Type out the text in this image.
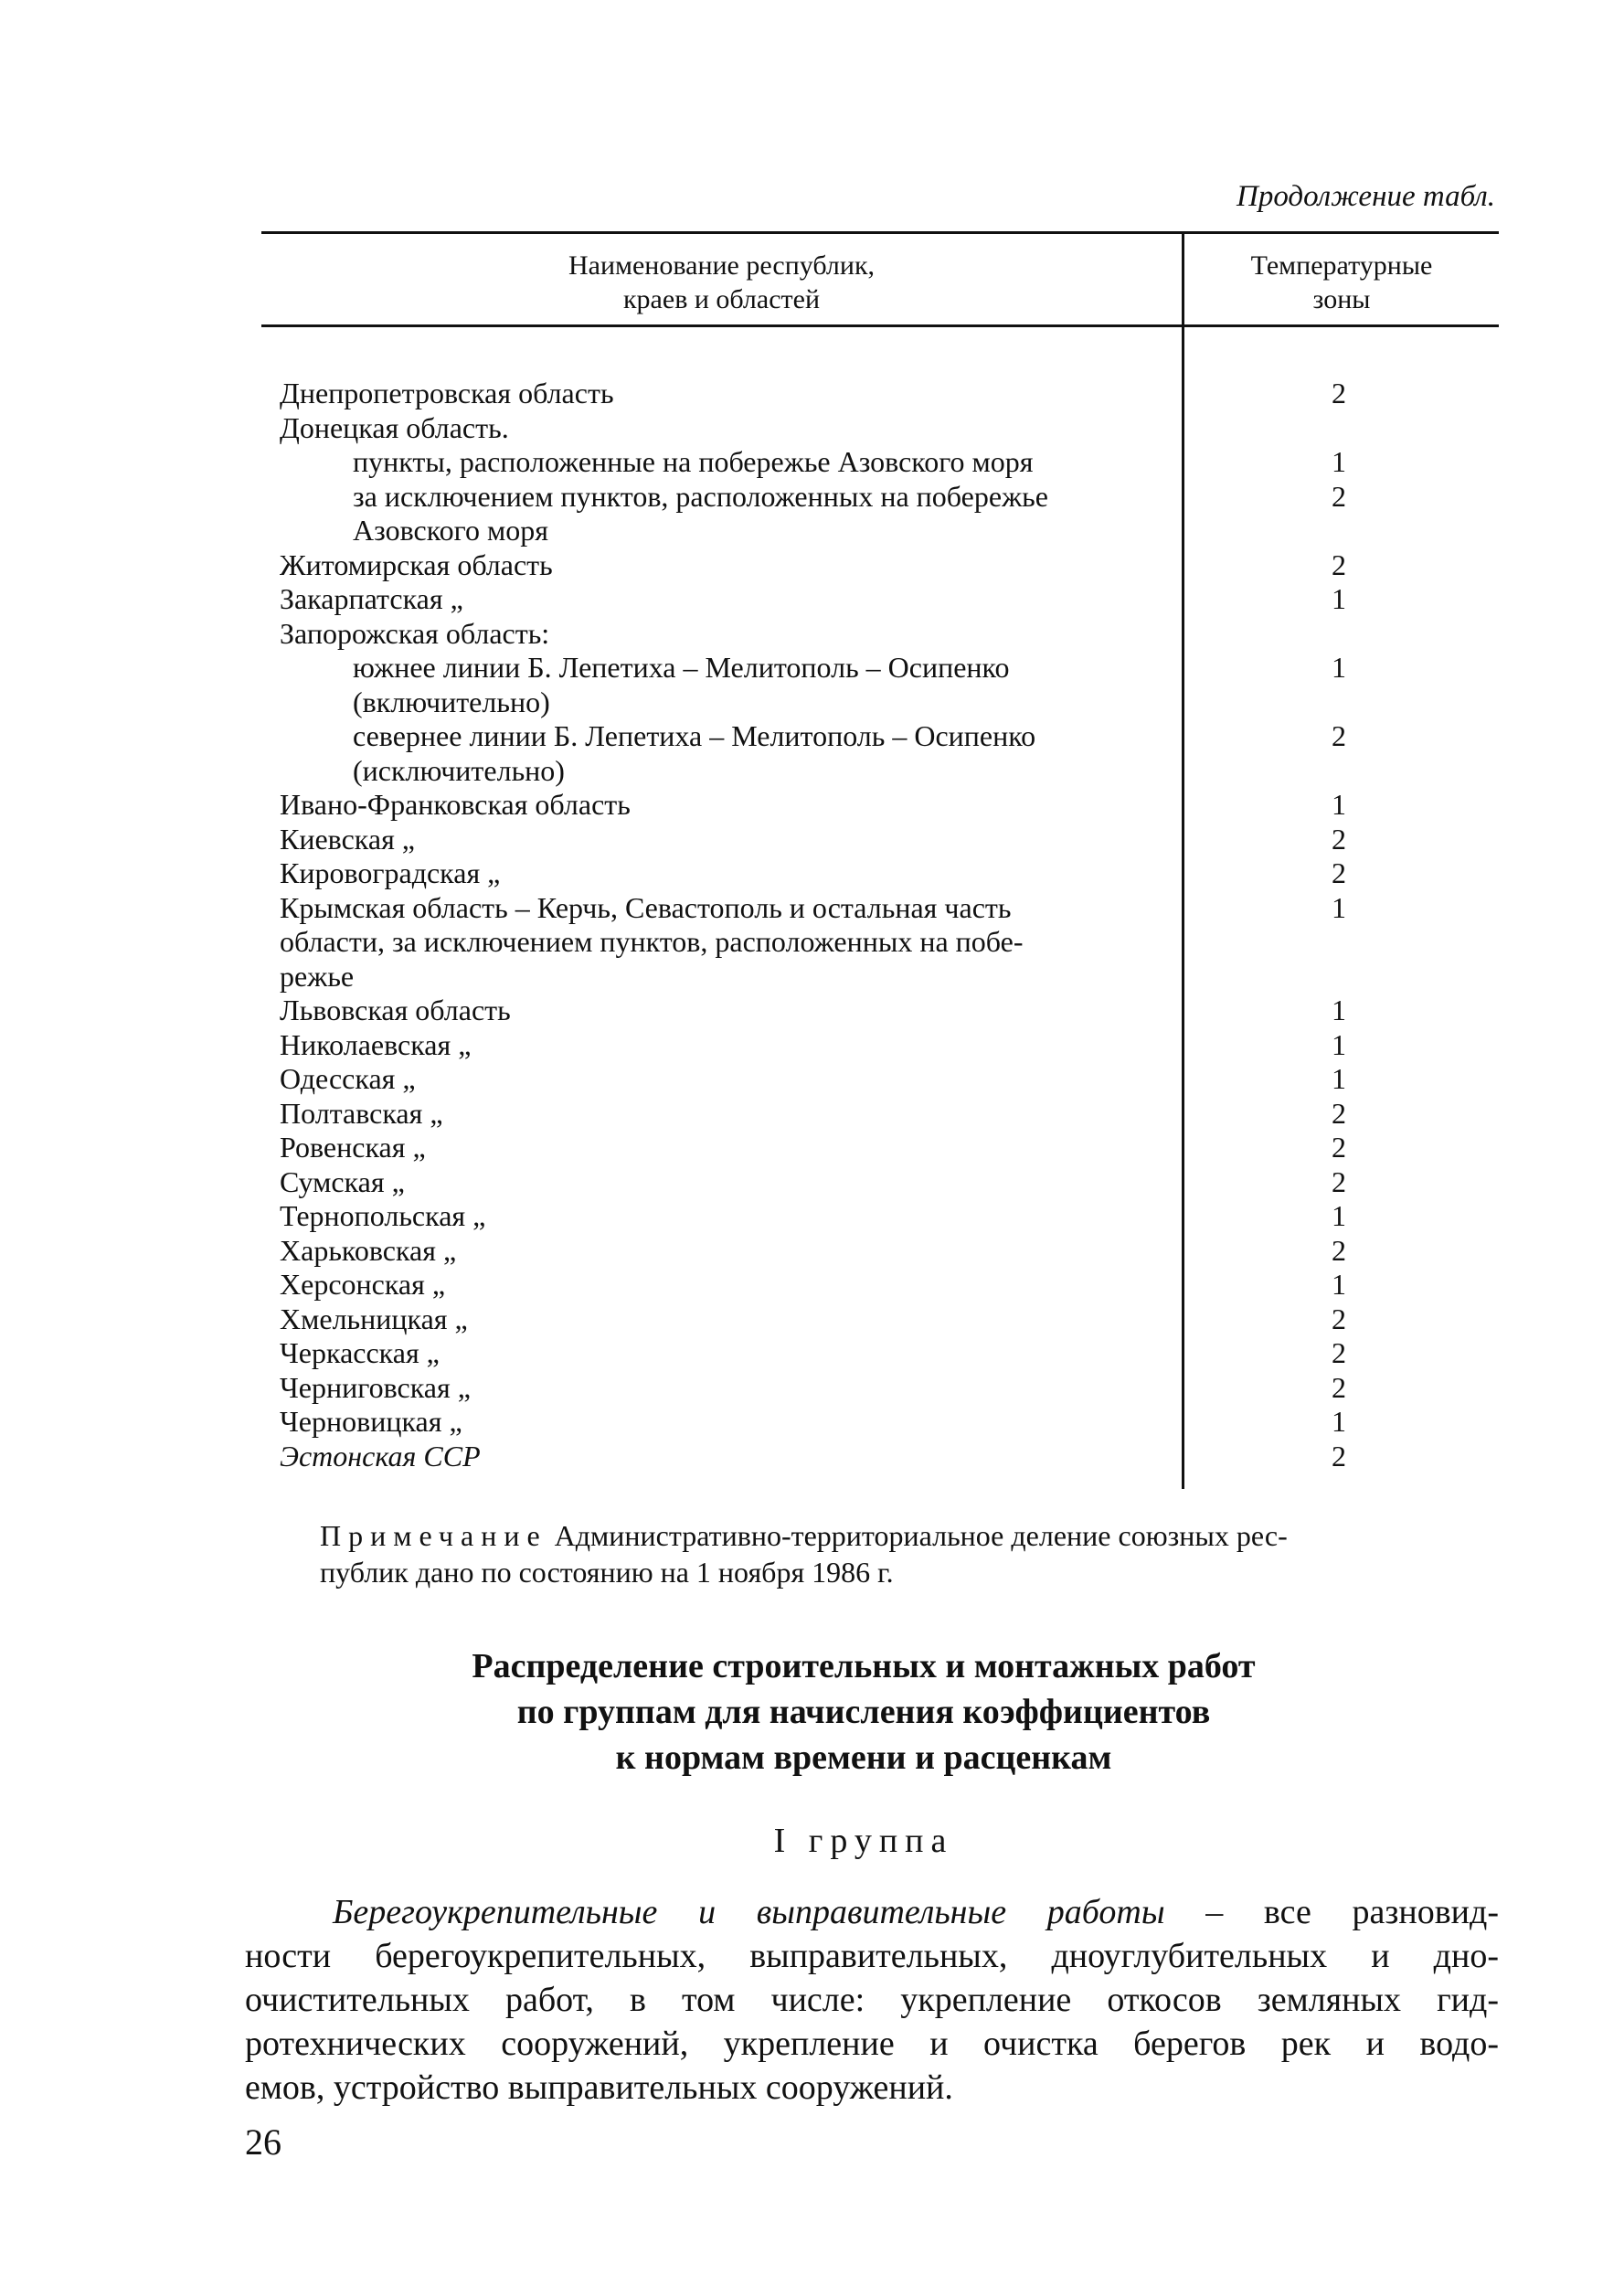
Продолжение табл.
Наименование республик,
краев и областей
Температурные
зоны
Днепропетровская область	2
Донецкая область.
пункты, расположенные на побережье Азовского моря	1
за исключением пунктов, расположенных на побережье	2
Азовского моря
Житомирская область	2
Закарпатская „	1
Запорожская область:
южнее линии Б. Лепетиха – Мелитополь – Осипенко	1
(включительно)
севернее линии Б. Лепетиха – Мелитополь – Осипенко	2
(исключительно)
Ивано-Франковская область	1
Киевская „	2
Кировоградская „	2
Крымская область – Керчь, Севастополь и остальная часть	1
области, за исключением пунктов, расположенных на побе-
режье
Львовская область	1
Николаевская „	1
Одесская „	1
Полтавская „	2
Ровенская „	2
Сумская „	2
Тернопольская „	1
Харьковская „	2
Херсонская „	1
Хмельницкая „	2
Черкасская „	2
Черниговская „	2
Черновицкая „	1
Эстонская ССР	2
Примечание Административно-территориальное деление союзных рес-
публик дано по состоянию на 1 ноября 1986 г.
Распределение строительных и монтажных работ
по группам для начисления коэффициентов
к нормам времени и расценкам
I группа
Берегоукрепительные и выправительные работы – все разновид-
ности берегоукрепительных, выправительных, дноуглубительных и дно-
очистительных работ, в том числе: укрепление откосов земляных гид-
ротехнических сооружений, укрепление и очистка берегов рек и водо-
емов, устройство выправительных сооружений.
26
